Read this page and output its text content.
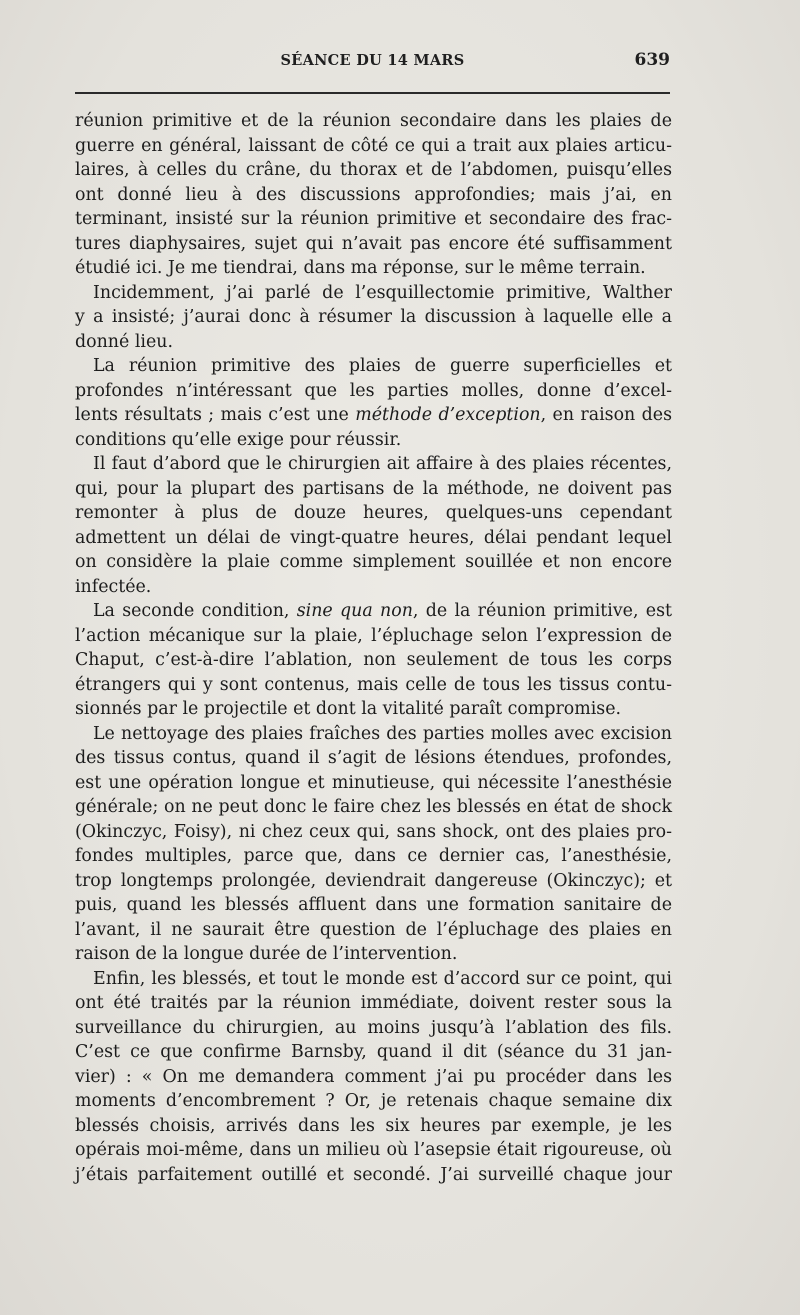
SÉANCE DU 14 MARS	639
réunion primitive et de la réunion secondaire dans les plaies de
guerre en général, laissant de côté ce qui a trait aux plaies articu-
laires, à celles du crâne, du thorax et de l’abdomen, puisqu’elles
ont donné lieu à des discussions approfondies; mais j’ai, en
terminant, insisté sur la réunion primitive et secondaire des frac-
tures diaphysaires, sujet qui n’avait pas encore été suffisamment
étudié ici. Je me tiendrai, dans ma réponse, sur le même terrain.
Incidemment, j’ai parlé de l’esquillectomie primitive, Walther
y a insisté; j’aurai donc à résumer la discussion à laquelle elle a
donné lieu.
La réunion primitive des plaies de guerre superficielles et
profondes n’intéressant que les parties molles, donne d’excel-
lents résultats ; mais c’est une méthode d’exception, en raison des
conditions qu’elle exige pour réussir.
Il faut d’abord que le chirurgien ait affaire à des plaies récentes,
qui, pour la plupart des partisans de la méthode, ne doivent pas
remonter à plus de douze heures, quelques-uns cependant
admettent un délai de vingt-quatre heures, délai pendant lequel
on considère la plaie comme simplement souillée et non encore
infectée.
La seconde condition, sine qua non, de la réunion primitive, est
l’action mécanique sur la plaie, l’épluchage selon l’expression de
Chaput, c’est-à-dire l’ablation, non seulement de tous les corps
étrangers qui y sont contenus, mais celle de tous les tissus contu-
sionnés par le projectile et dont la vitalité paraît compromise.
Le nettoyage des plaies fraîches des parties molles avec excision
des tissus contus, quand il s’agit de lésions étendues, profondes,
est une opération longue et minutieuse, qui nécessite l’anesthésie
générale; on ne peut donc le faire chez les blessés en état de shock
(Okinczyc, Foisy), ni chez ceux qui, sans shock, ont des plaies pro-
fondes multiples, parce que, dans ce dernier cas, l’anesthésie,
trop longtemps prolongée, deviendrait dangereuse (Okinczyc); et
puis, quand les blessés affluent dans une formation sanitaire de
l’avant, il ne saurait être question de l’épluchage des plaies en
raison de la longue durée de l’intervention.
Enfin, les blessés, et tout le monde est d’accord sur ce point, qui
ont été traités par la réunion immédiate, doivent rester sous la
surveillance du chirurgien, au moins jusqu’à l’ablation des fils.
C’est ce que confirme Barnsby, quand il dit (séance du 31 jan-
vier) : « On me demandera comment j’ai pu procéder dans les
moments d’encombrement ? Or, je retenais chaque semaine dix
blessés choisis, arrivés dans les six heures par exemple, je les
opérais moi-même, dans un milieu où l’asepsie était rigoureuse, où
j’étais parfaitement outillé et secondé. J’ai surveillé chaque jour
